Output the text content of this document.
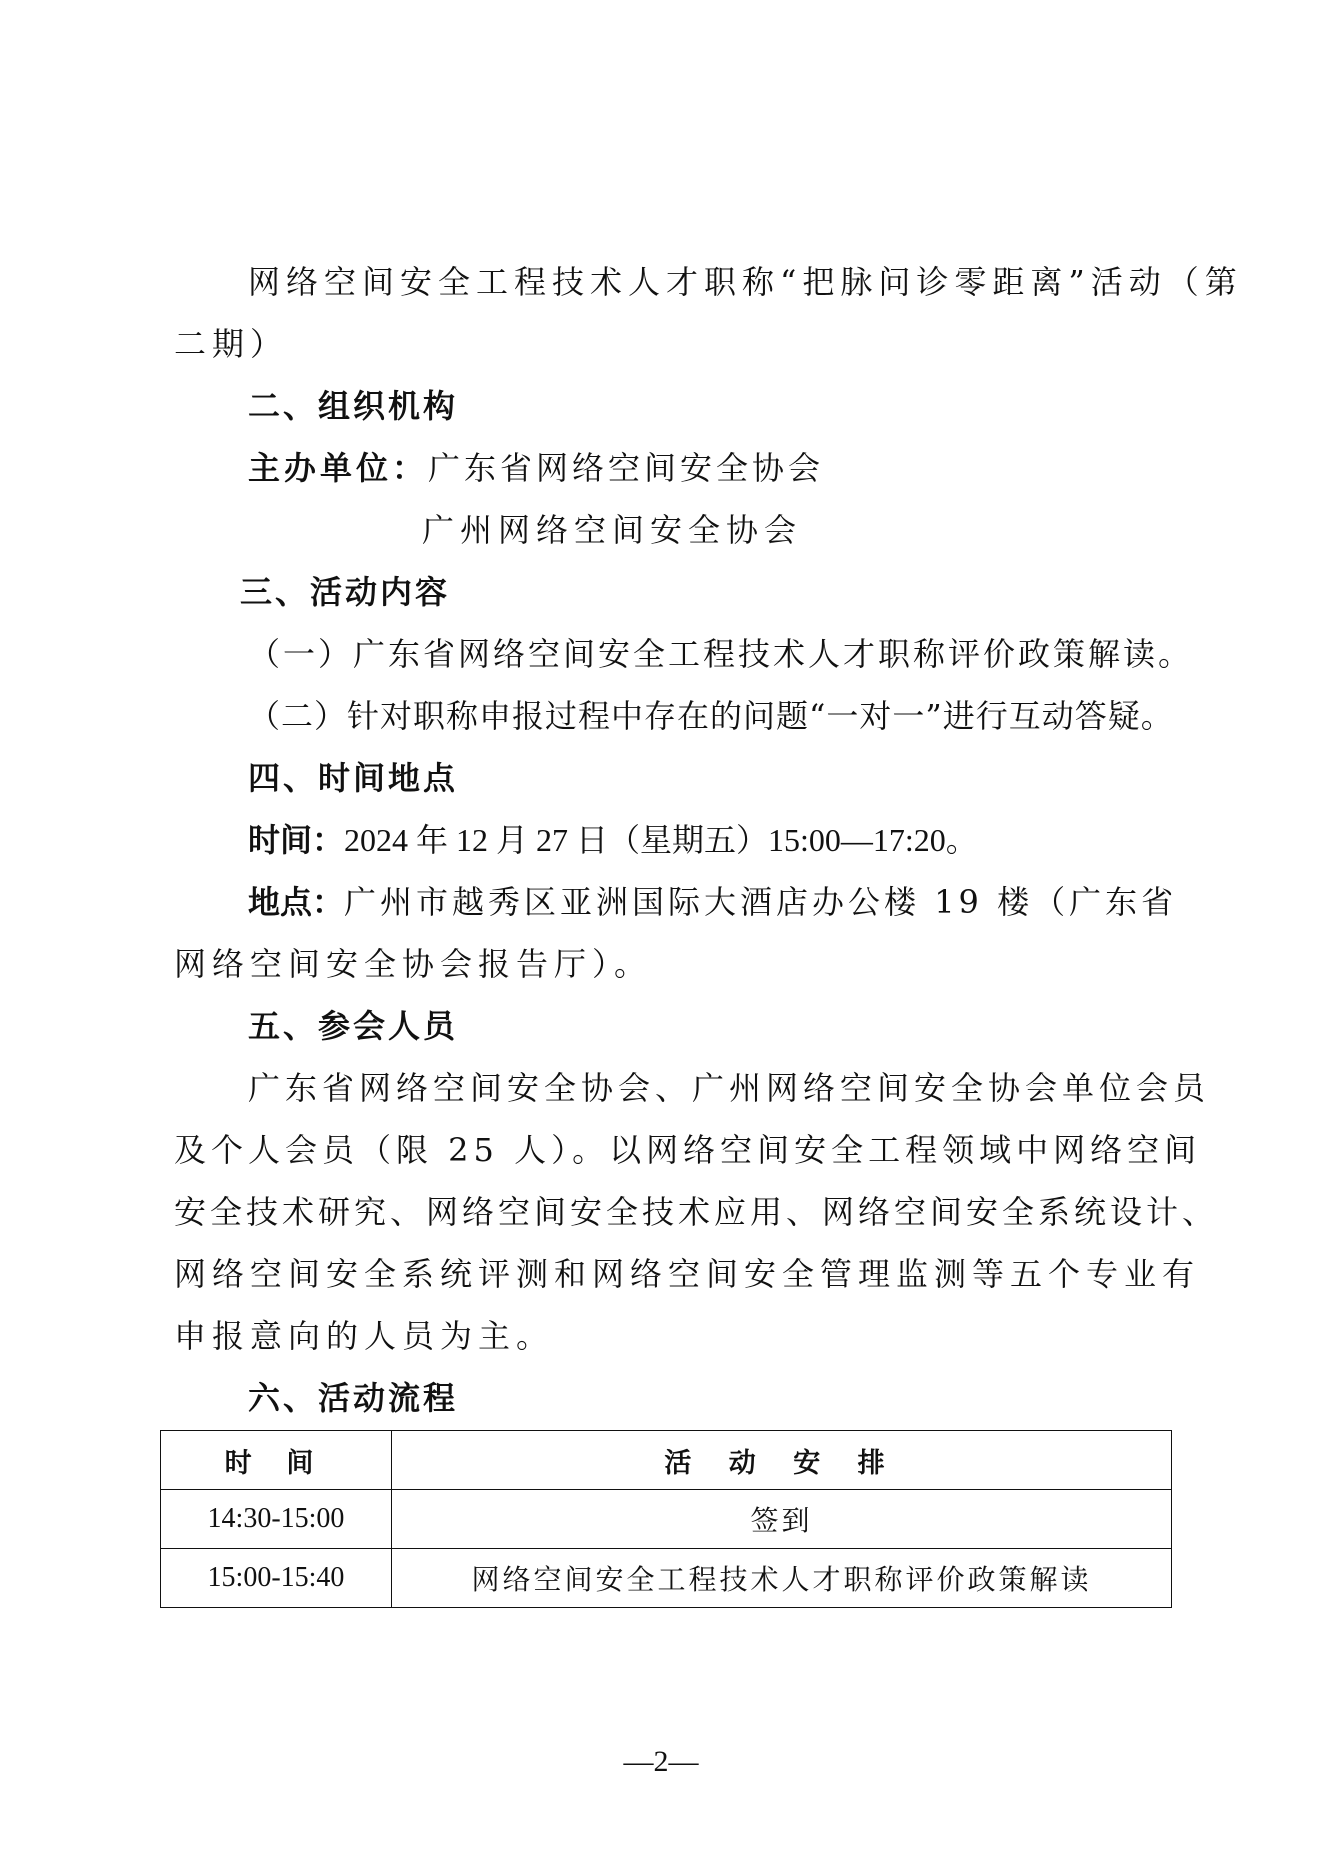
网络空间安全工程技术人才职称“把脉问诊零距离”活动（第
二期）
二、组织机构
主办单位：广东省网络空间安全协会
广州网络空间安全协会
三、活动内容
（一）广东省网络空间安全工程技术人才职称评价政策解读。
（二）针对职称申报过程中存在的问题“一对一”进行互动答疑。
四、时间地点
时间：2024 年 12 月 27 日（星期五）15:00—17:20。
地点：广州市越秀区亚洲国际大酒店办公楼 19 楼（广东省
网络空间安全协会报告厅）。
五、参会人员
广东省网络空间安全协会、广州网络空间安全协会单位会员
及个人会员（限 25 人）。以网络空间安全工程领域中网络空间
安全技术研究、网络空间安全技术应用、网络空间安全系统设计、
网络空间安全系统评测和网络空间安全管理监测等五个专业有
申报意向的人员为主。
六、活动流程
时 间	活 动 安 排
14:30-15:00	签到
15:00-15:40	网络空间安全工程技术人才职称评价政策解读
—2—
